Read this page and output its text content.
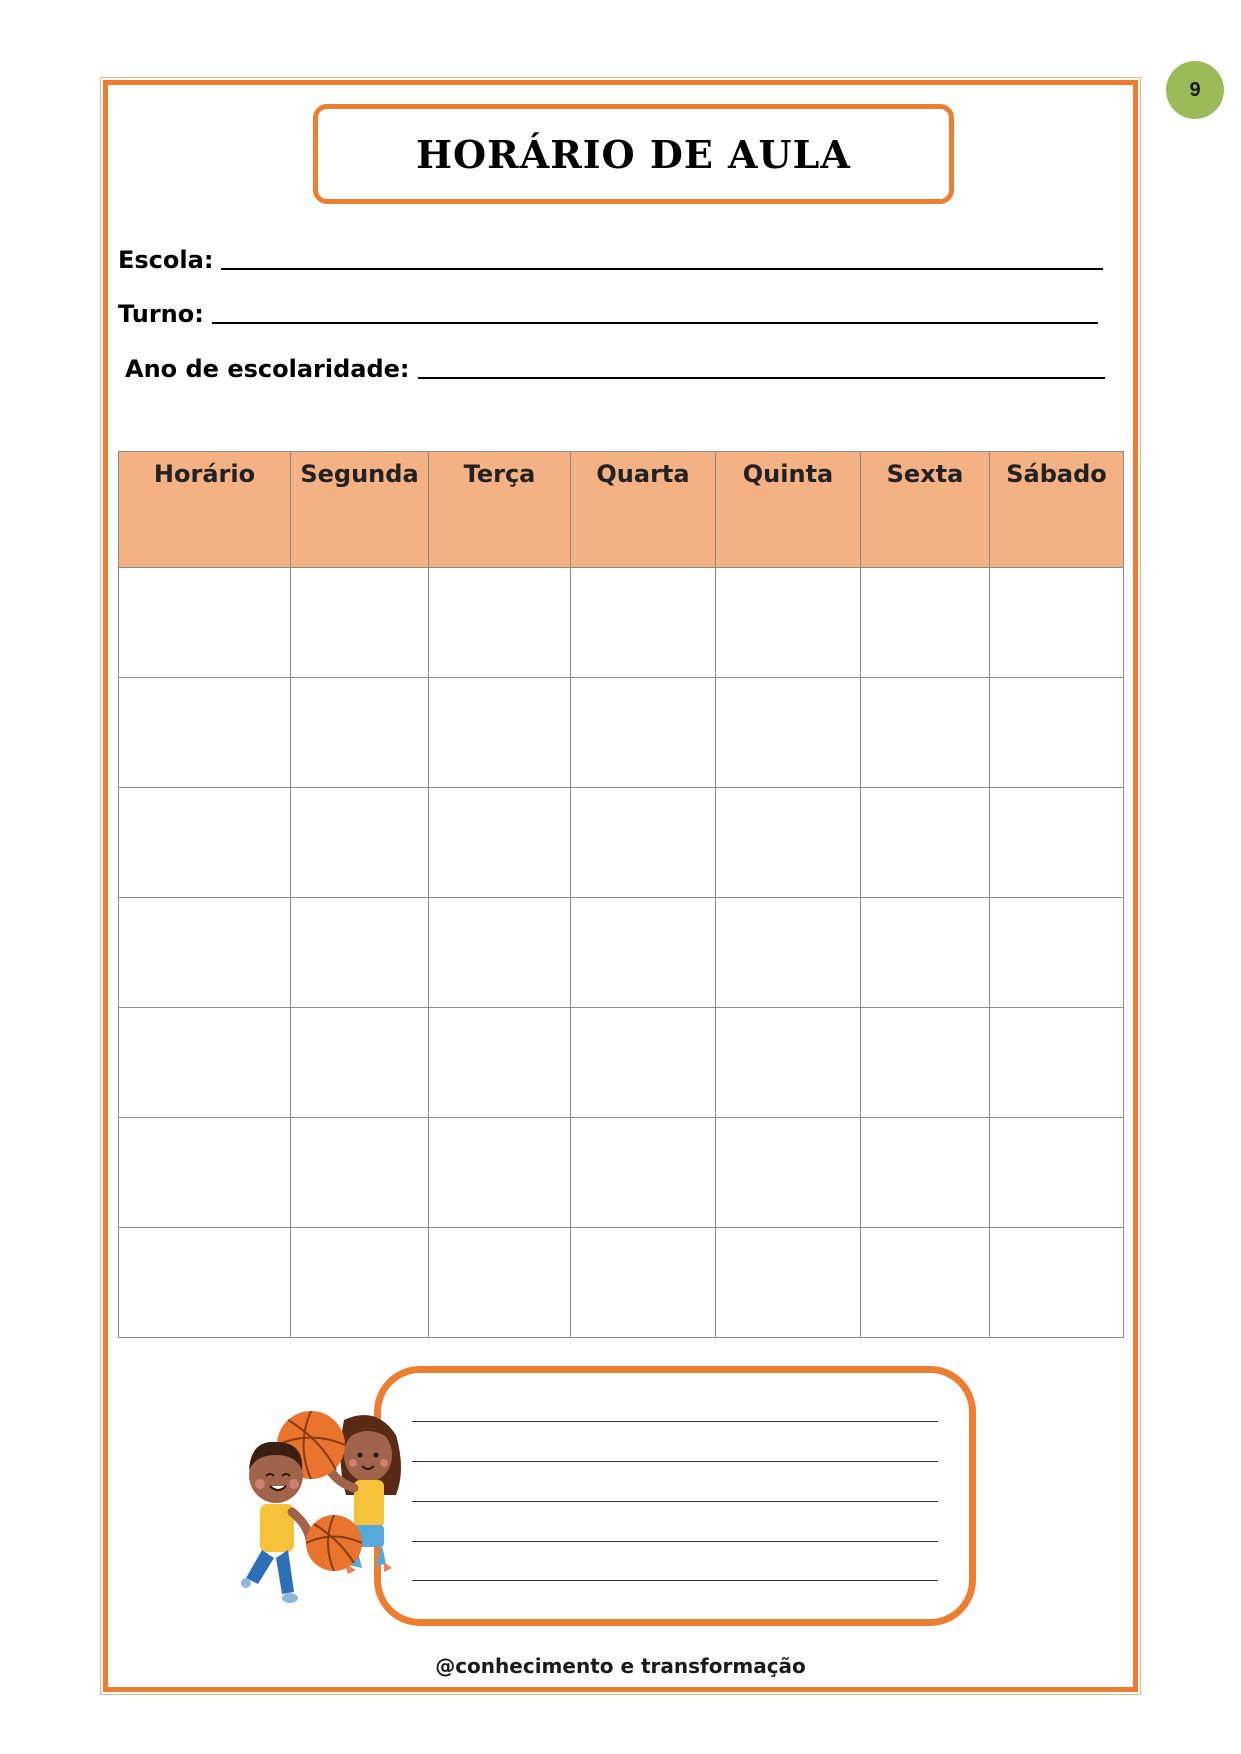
9
HORÁRIO DE AULA
Escola:
Turno:
Ano de escolaridade:
Horário	Segunda	Terça	Quarta	Quinta	Sexta	Sábado

@conhecimento e transformação
